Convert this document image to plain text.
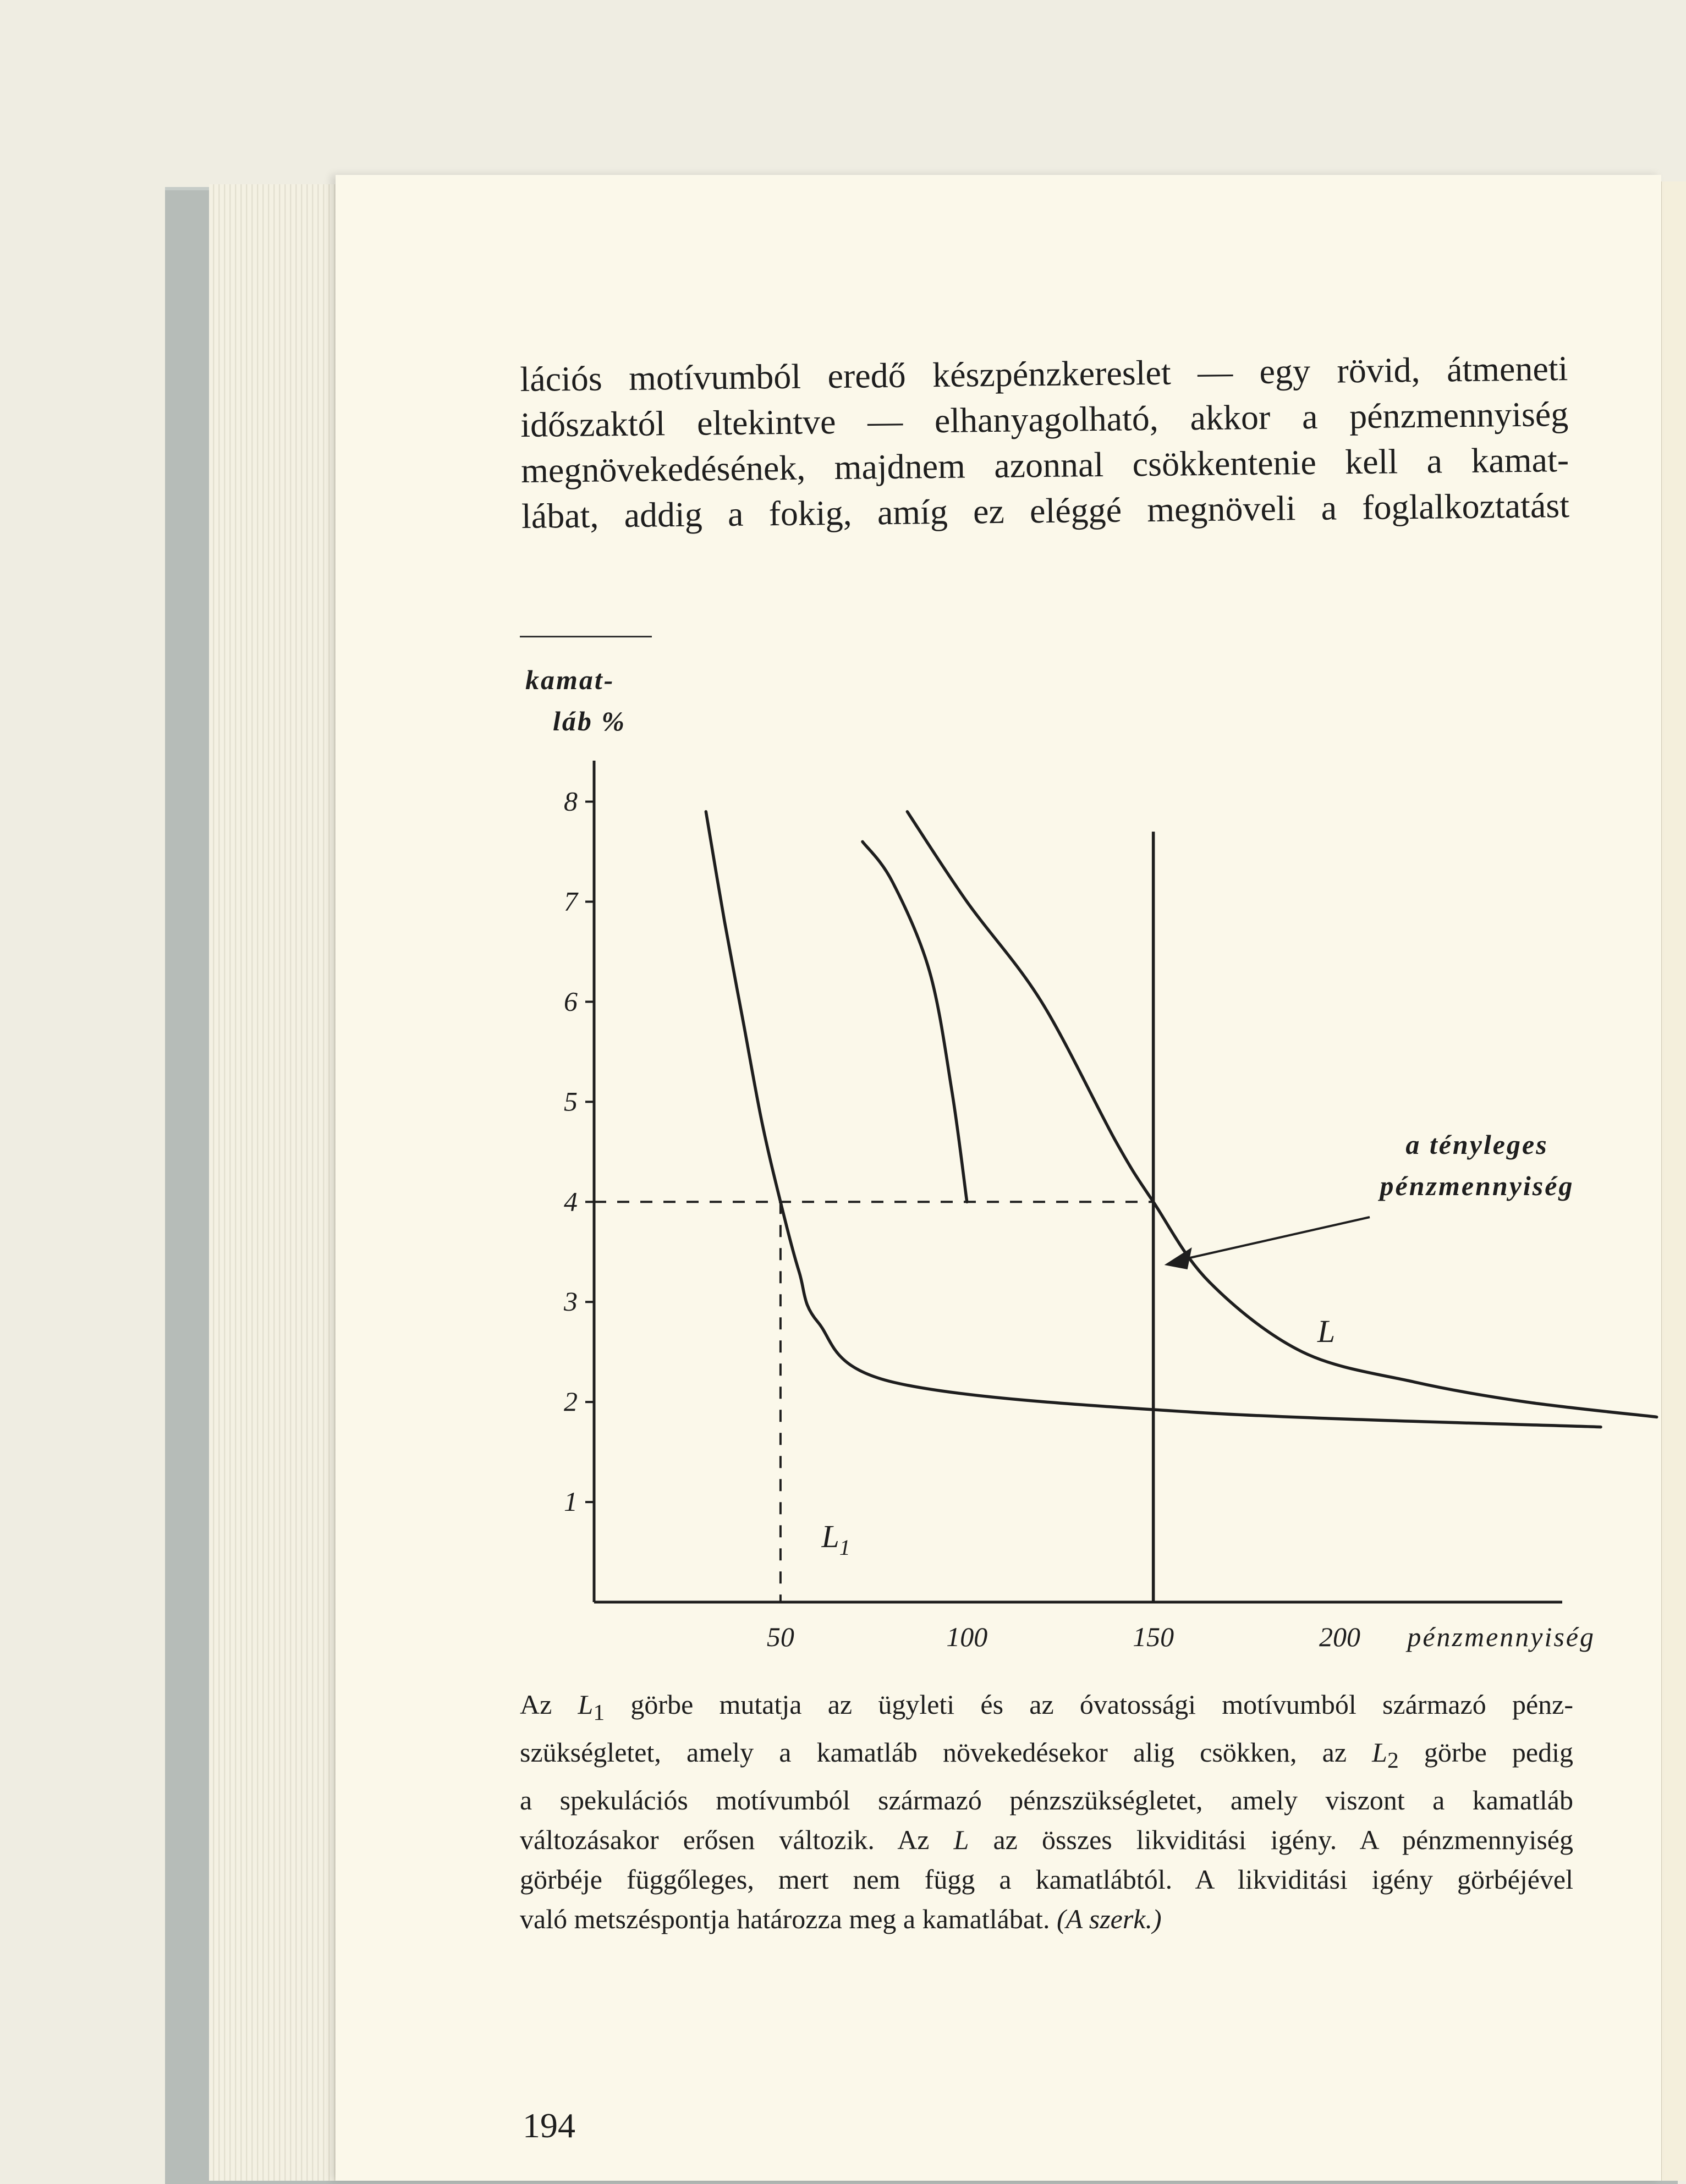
lációs motívumból eredő készpénzkereslet — egy rövid, átmeneti

időszaktól eltekintve — elhanyagolható, akkor a pénzmennyiség

megnövekedésének, majdnem azonnal csökkentenie kell a kamat-

lábat, addig a fokig, amíg ez eléggé megnöveli a foglalkoztatást

1
2
3
4
5
6
7
8
50	100	150	200 pénzmennyiség
kamat-
láb %
a tényleges
pénzmennyiség
$L_1$
L

Az $L_1$ görbe mutatja az ügyleti és az óvatossági motívumból származó pénz-

szükségletet, amely a kamatláb növekedésekor alig csökken, az $L_2$ görbe pedig

a spekulációs motívumból származó pénzszükségletet, amely viszont a kamatláb

változásakor erősen változik. Az L az összes likviditási igény. A pénzmennyiség

görbéje függőleges, mert nem függ a kamatlábtól. A likviditási igény görbéjével

való metszéspontja határozza meg a kamatlábat. (A szerk.)

194
